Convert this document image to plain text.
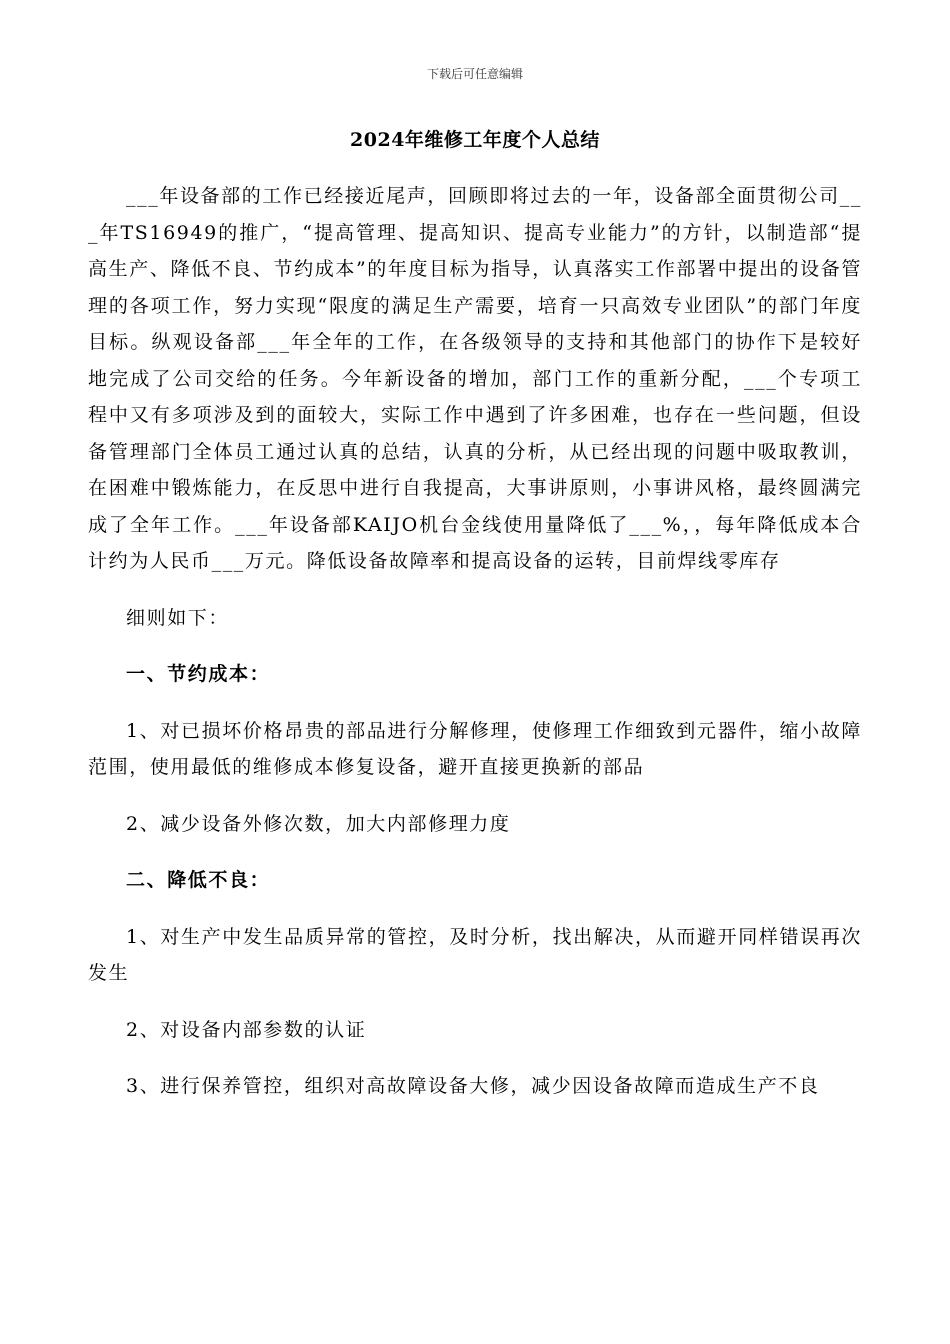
下载后可任意编辑
2024年维修工年度个人总结

___年设备部的工作已经接近尾声，回顾即将过去的一年，设备部全面贯彻公司___年TS16949的推广，“提高管理、提高知识、提高专业能力”的方针，以制造部“提高生产、降低不良、节约成本”的年度目标为指导，认真落实工作部署中提出的设备管理的各项工作，努力实现“限度的满足生产需要，培育一只高效专业团队”的部门年度目标。纵观设备部___年全年的工作，在各级领导的支持和其他部门的协作下是较好地完成了公司交给的任务。今年新设备的增加，部门工作的重新分配，___个专项工程中又有多项涉及到的面较大，实际工作中遇到了许多困难，也存在一些问题，但设备管理部门全体员工通过认真的总结，认真的分析，从已经出现的问题中吸取教训，在困难中锻炼能力，在反思中进行自我提高，大事讲原则，小事讲风格，最终圆满完成了全年工作。___年设备部KAIJO机台金线使用量降低了___%，，每年降低成本合计约为人民币___万元。降低设备故障率和提高设备的运转，目前焊线零库存

细则如下：

一、节约成本：

1、对已损坏价格昂贵的部品进行分解修理，使修理工作细致到元器件，缩小故障范围，使用最低的维修成本修复设备，避开直接更换新的部品

2、减少设备外修次数，加大内部修理力度

二、降低不良：

1、对生产中发生品质异常的管控，及时分析，找出解决，从而避开同样错误再次发生

2、对设备内部参数的认证

3、进行保养管控，组织对高故障设备大修，减少因设备故障而造成生产不良
